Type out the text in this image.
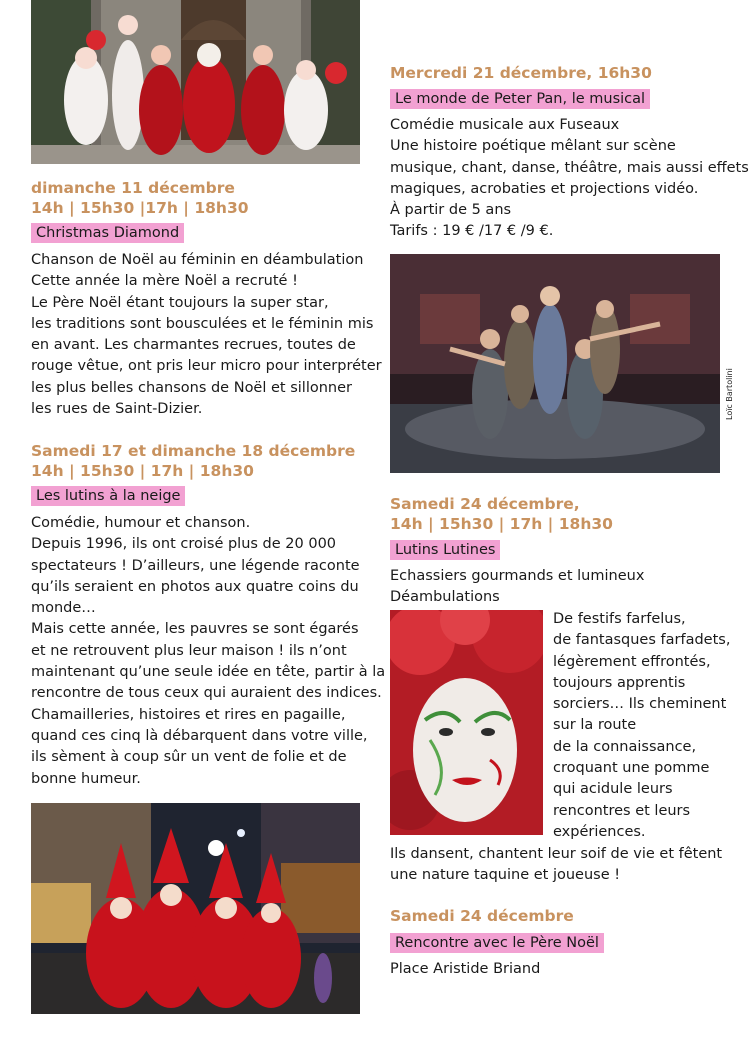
dimanche 11 décembre
14h | 15h30 |17h | 18h30
Christmas Diamond
Chanson de Noël au féminin en déambulation
Cette année la mère Noël a recruté !
Le Père Noël étant toujours la super star,
les traditions sont bousculées et le féminin mis
en avant. Les charmantes recrues, toutes de
rouge vêtue, ont pris leur micro pour interpréter
les plus belles chansons de Noël et sillonner
les rues de Saint-Dizier.
Samedi 17 et dimanche 18 décembre
14h | 15h30 | 17h | 18h30
Les lutins à la neige
Comédie, humour et chanson.
Depuis 1996, ils ont croisé plus de 20 000
spectateurs ! D’ailleurs, une légende raconte
qu’ils seraient en photos aux quatre coins du
monde…
Mais cette année, les pauvres se sont égarés
et ne retrouvent plus leur maison ! ils n’ont
maintenant qu’une seule idée en tête, partir à la
rencontre de tous ceux qui auraient des indices.
Chamailleries, histoires et rires en pagaille,
quand ces cinq là débarquent dans votre ville,
ils sèment à coup sûr un vent de folie et de
bonne humeur.
Mercredi 21 décembre, 16h30
Le monde de Peter Pan, le musical
Comédie musicale aux Fuseaux
Une histoire poétique mêlant sur scène
musique, chant, danse, théâtre, mais aussi effets
magiques, acrobaties et projections vidéo.
À partir de 5 ans
Tarifs : 19 € /17 € /9 €.
Loïc Bartolini
Samedi 24 décembre,
14h | 15h30 | 17h | 18h30
Lutins Lutines
Echassiers gourmands et lumineux
Déambulations
De festifs farfelus,
de fantasques farfadets,
légèrement effrontés,
toujours apprentis
sorciers… Ils cheminent
sur la route
de la connaissance,
croquant une pomme
qui acidule leurs
rencontres et leurs
expériences.
Ils dansent, chantent leur soif de vie et fêtent
une nature taquine et joueuse !
Samedi 24 décembre
Rencontre avec le Père Noël
Place Aristide Briand
